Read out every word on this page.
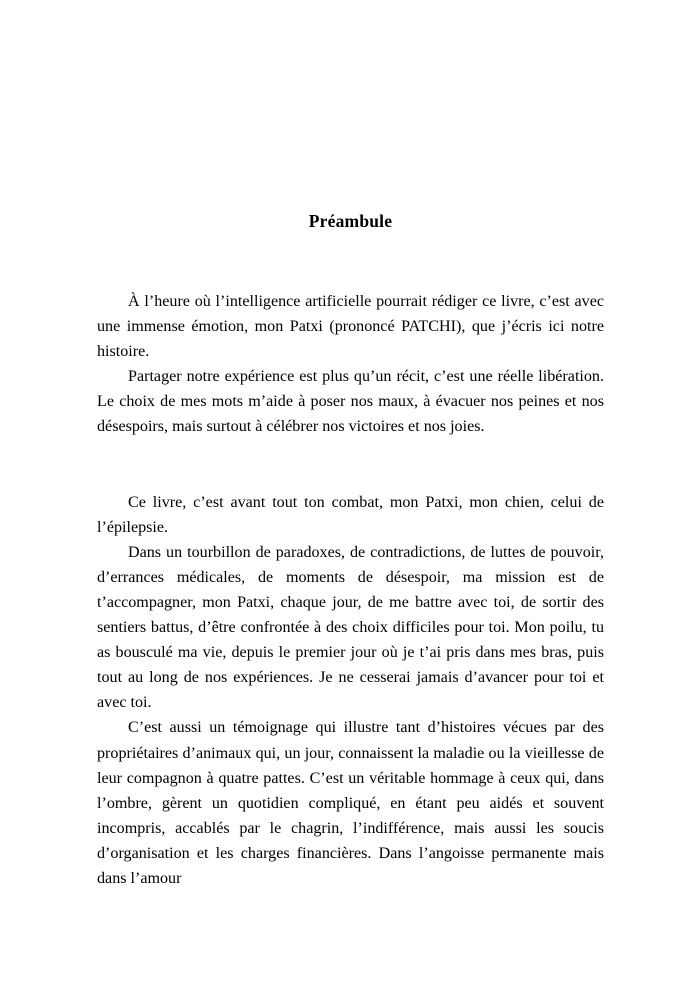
Préambule

À l’heure où l’intelligence artificielle pourrait rédiger ce livre, c’est avec une immense émotion, mon Patxi (prononcé PATCHI), que j’écris ici notre histoire.

Partager notre expérience est plus qu’un récit, c’est une réelle libération. Le choix de mes mots m’aide à poser nos maux, à évacuer nos peines et nos désespoirs, mais surtout à célébrer nos victoires et nos joies.

Ce livre, c’est avant tout ton combat, mon Patxi, mon chien, celui de l’épilepsie.

Dans un tourbillon de paradoxes, de contradictions, de luttes de pouvoir, d’errances médicales, de moments de désespoir, ma mission est de t’accompagner, mon Patxi, chaque jour, de me battre avec toi, de sortir des sentiers battus, d’être confrontée à des choix difficiles pour toi. Mon poilu, tu as bousculé ma vie, depuis le premier jour où je t’ai pris dans mes bras, puis tout au long de nos expériences. Je ne cesserai jamais d’avancer pour toi et avec toi.

C’est aussi un témoignage qui illustre tant d’histoires vécues par des propriétaires d’animaux qui, un jour, connaissent la maladie ou la vieillesse de leur compagnon à quatre pattes. C’est un véritable hommage à ceux qui, dans l’ombre, gèrent un quotidien compliqué, en étant peu aidés et souvent incompris, accablés par le chagrin, l’indifférence, mais aussi les soucis d’organisation et les charges financières. Dans l’angoisse permanente mais dans l’amour
